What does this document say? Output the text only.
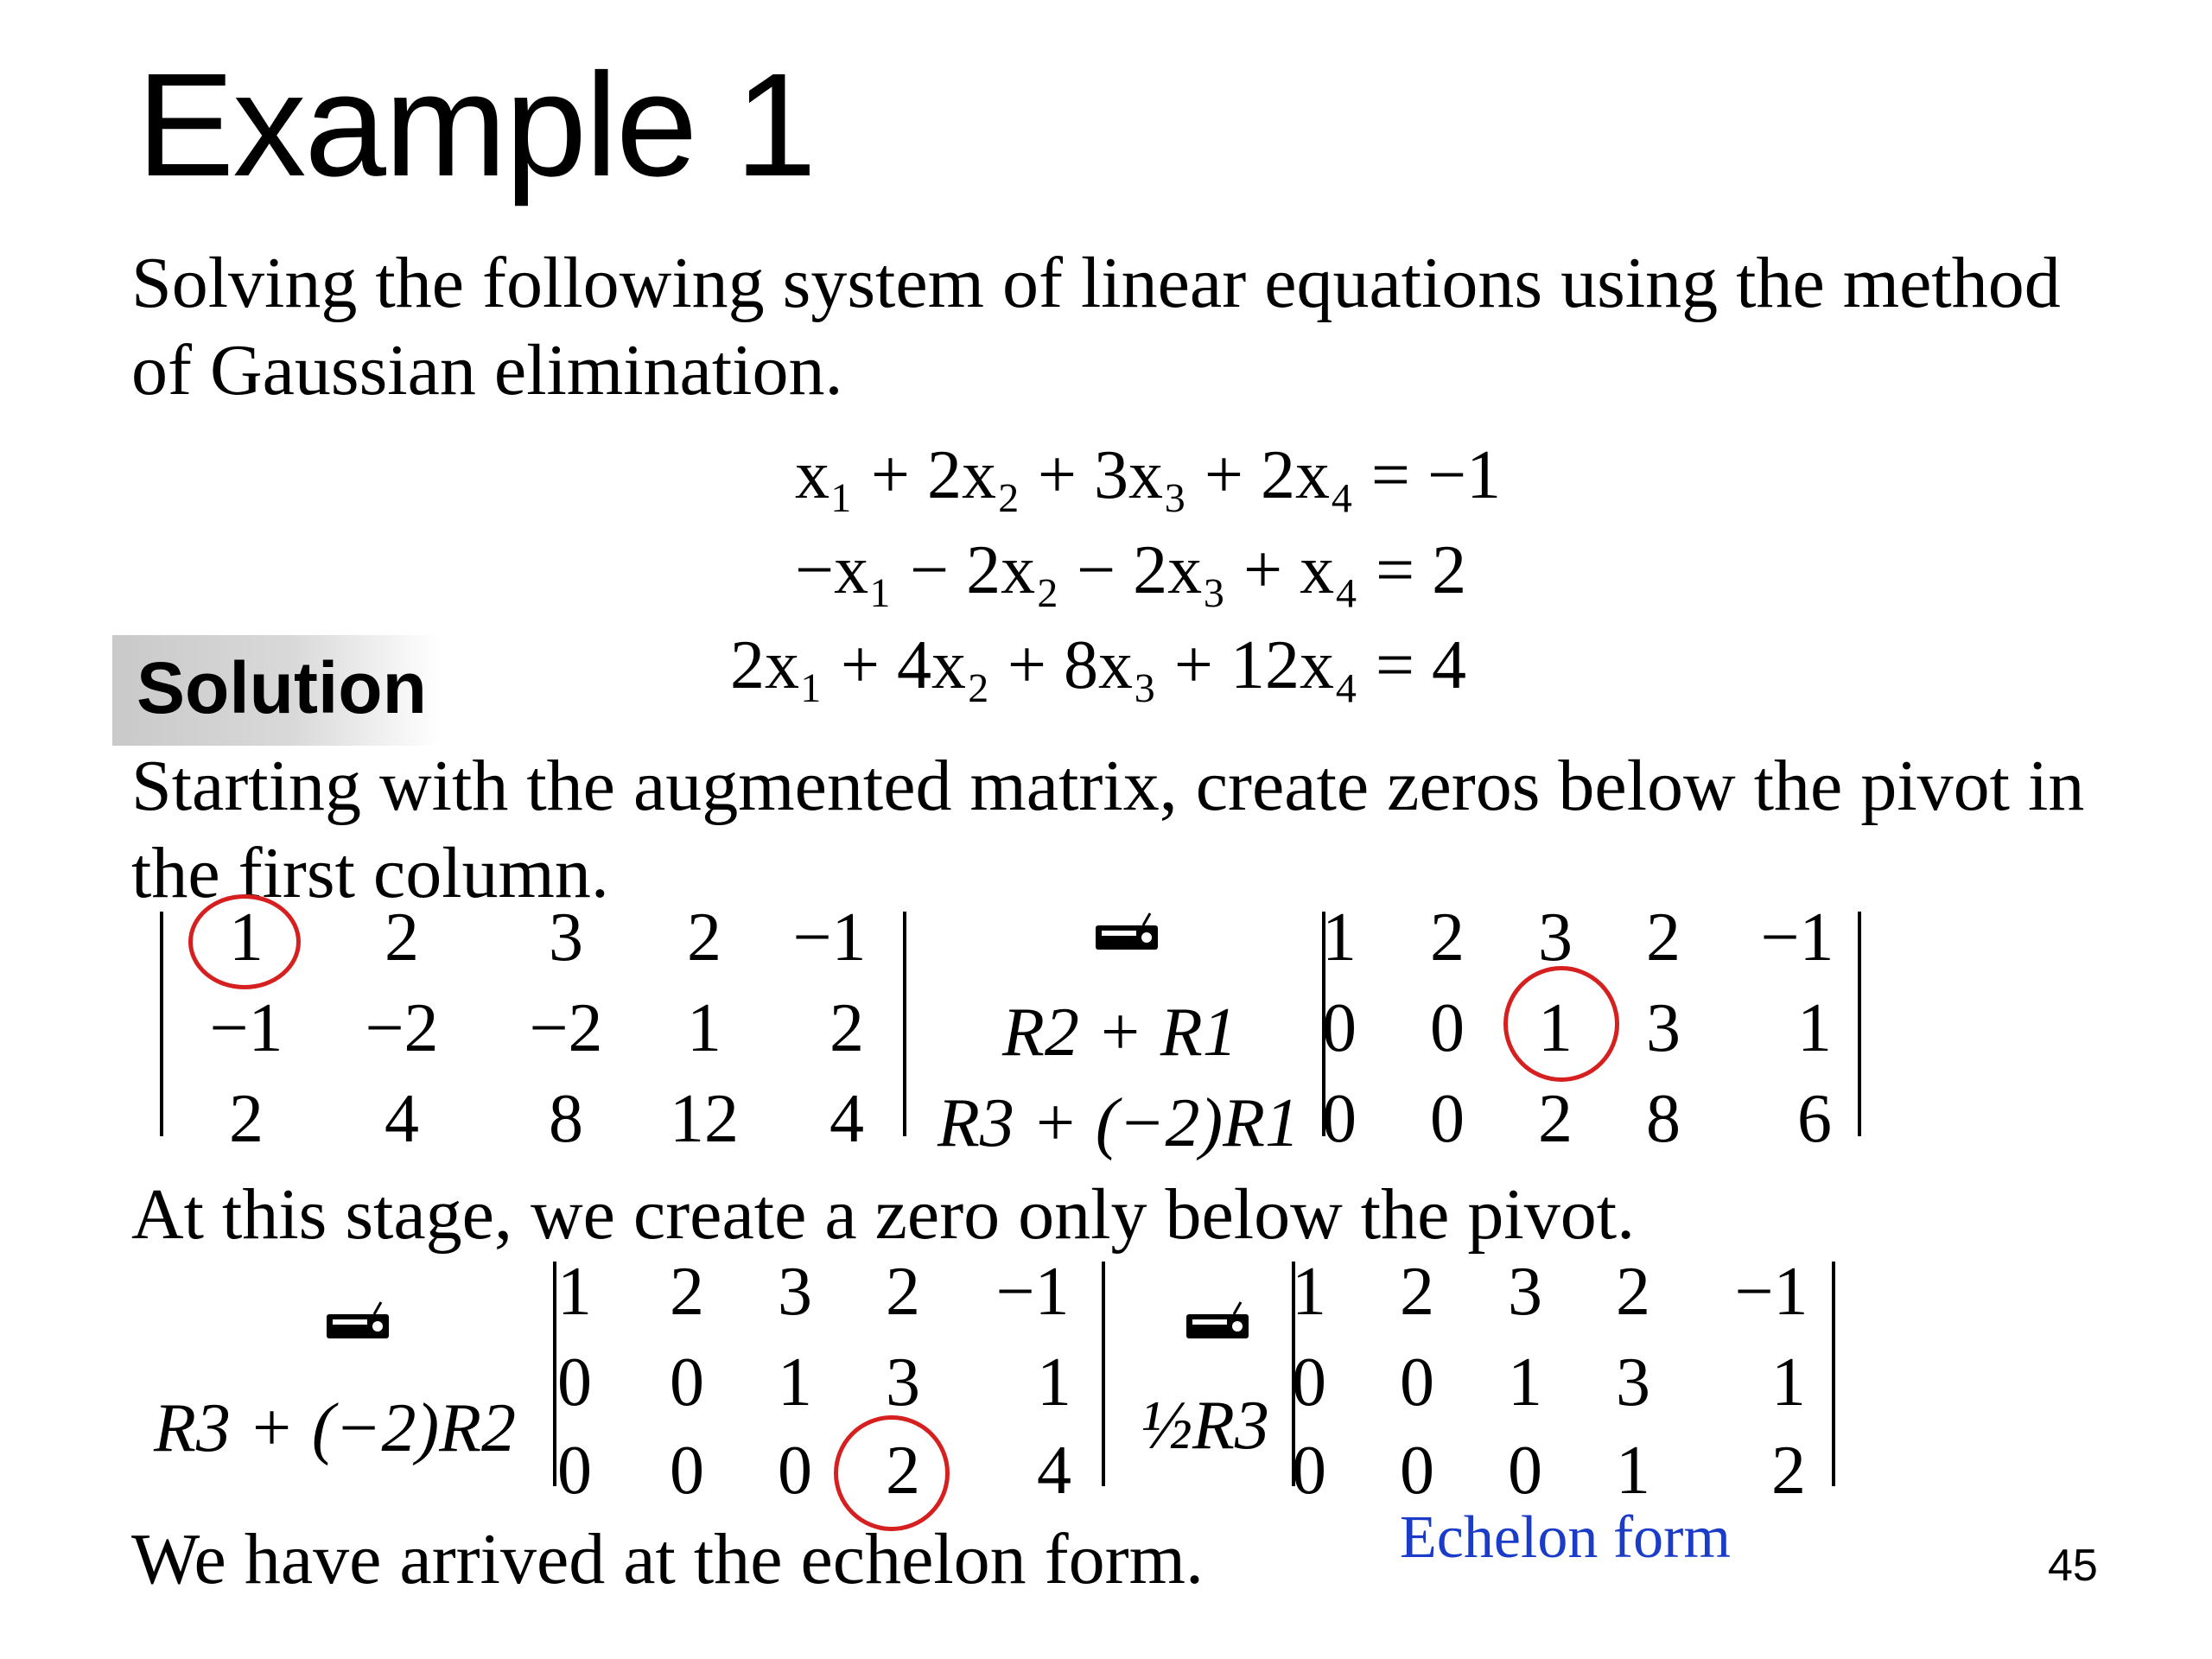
Example 1
Solving the following system of linear equations using the method of Gaussian elimination.
x₁ + 2x₂ + 3x₃ + 2x₄ = −1
−x₁ − 2x₂ − 2x₃ + x₄ = 2
2x₁ + 4x₂ + 8x₃ + 12x₄ = 4
Solution
Starting with the augmented matrix, create zeros below the pivot in the first column.
1	2	3	2	−1
−1 −2 −2	1	2
2	4	8	12	4
R2 + R1
R3 + (−2)R1
1	2	3	2	−1
0	0	1	3	1
0	0	2	8	6
At this stage, we create a zero only below the pivot.
R3 + (−2)R2
1	2	3	2	−1
0	0	1	3	1
0	0	0	2	4
½R3
1	2	3	2	−1
0	0	1	3	1
0	0	0	1	2
We have arrived at the echelon form.	Echelon form	45
